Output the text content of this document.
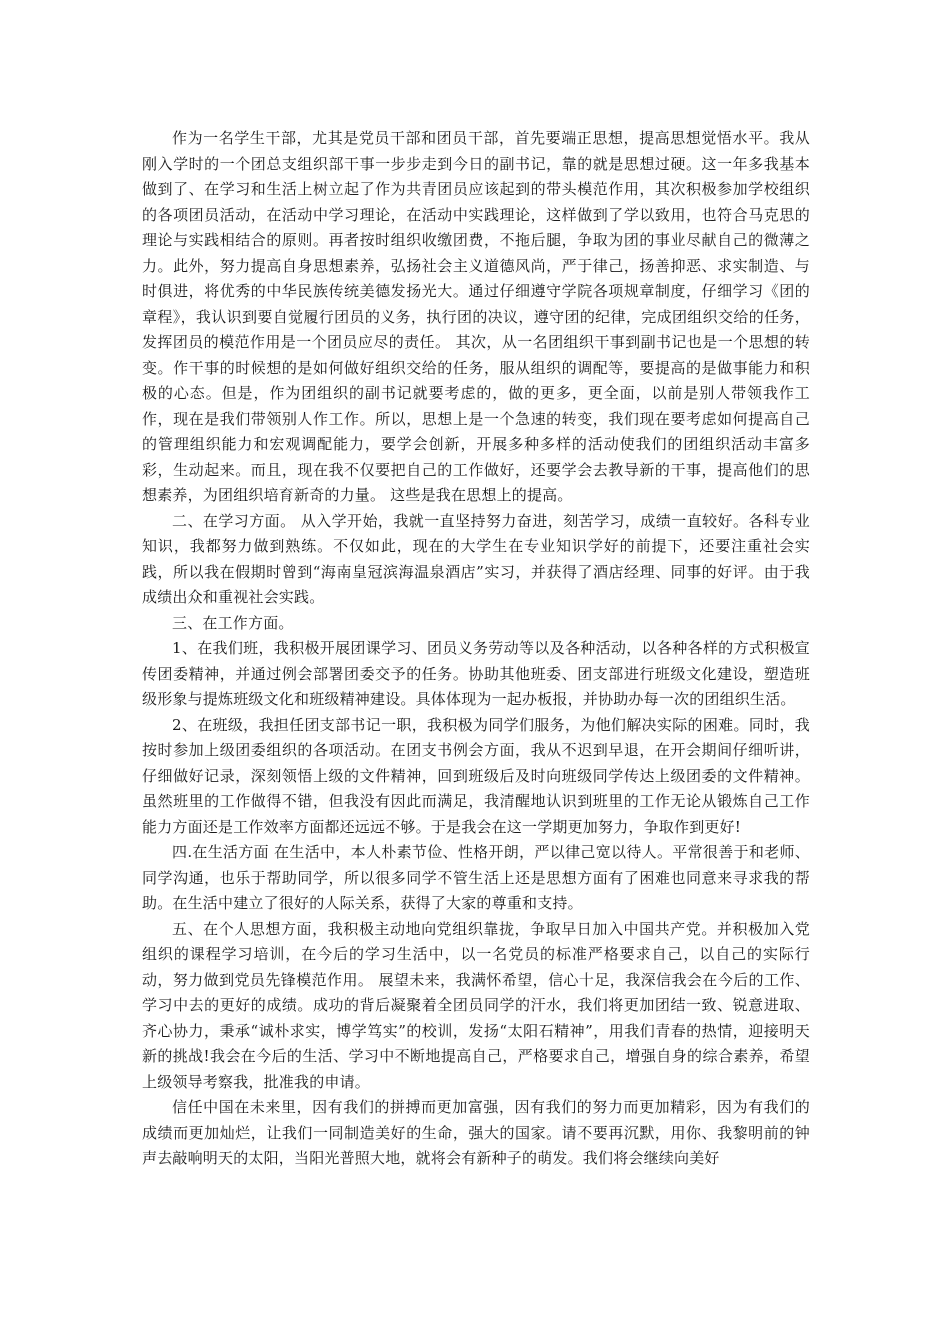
作为一名学生干部，尤其是党员干部和团员干部，首先要端正思想，提高思想觉悟水平。我从刚入学时的一个团总支组织部干事一步步走到今日的副书记，靠的就是思想过硬。这一年多我基本做到了、在学习和生活上树立起了作为共青团员应该起到的带头模范作用，其次积极参加学校组织的各项团员活动，在活动中学习理论，在活动中实践理论，这样做到了学以致用，也符合马克思的理论与实践相结合的原则。再者按时组织收缴团费，不拖后腿，争取为团的事业尽献自己的微薄之力。此外，努力提高自身思想素养，弘扬社会主义道德风尚，严于律己，扬善抑恶、求实制造、与时俱进，将优秀的中华民族传统美德发扬光大。通过仔细遵守学院各项规章制度，仔细学习《团的章程》，我认识到要自觉履行团员的义务，执行团的决议，遵守团的纪律，完成团组织交给的任务，发挥团员的模范作用是一个团员应尽的责任。 其次，从一名团组织干事到副书记也是一个思想的转变。作干事的时候想的是如何做好组织交给的任务，服从组织的调配等，要提高的是做事能力和积极的心态。但是，作为团组织的副书记就要考虑的，做的更多，更全面，以前是别人带领我作工作，现在是我们带领别人作工作。所以，思想上是一个急速的转变，我们现在要考虑如何提高自己的管理组织能力和宏观调配能力，要学会创新，开展多种多样的活动使我们的团组织活动丰富多彩，生动起来。而且，现在我不仅要把自己的工作做好，还要学会去教导新的干事，提高他们的思想素养，为团组织培育新奇的力量。 这些是我在思想上的提高。

二、在学习方面。 从入学开始，我就一直坚持努力奋进，刻苦学习，成绩一直较好。各科专业知识，我都努力做到熟练。不仅如此，现在的大学生在专业知识学好的前提下，还要注重社会实践，所以我在假期时曾到“海南皇冠滨海温泉酒店”实习，并获得了酒店经理、同事的好评。由于我成绩出众和重视社会实践。

三、在工作方面。

1、在我们班，我积极开展团课学习、团员义务劳动等以及各种活动，以各种各样的方式积极宣传团委精神，并通过例会部署团委交予的任务。协助其他班委、团支部进行班级文化建设，塑造班级形象与提炼班级文化和班级精神建设。具体体现为一起办板报，并协助办每一次的团组织生活。

2、在班级，我担任团支部书记一职，我积极为同学们服务，为他们解决实际的困难。同时，我按时参加上级团委组织的各项活动。在团支书例会方面，我从不迟到早退，在开会期间仔细听讲，仔细做好记录，深刻领悟上级的文件精神，回到班级后及时向班级同学传达上级团委的文件精神。虽然班里的工作做得不错，但我没有因此而满足，我清醒地认识到班里的工作无论从锻炼自己工作能力方面还是工作效率方面都还远远不够。于是我会在这一学期更加努力，争取作到更好!

四.在生活方面 在生活中，本人朴素节俭、性格开朗，严以律己宽以待人。平常很善于和老师、同学沟通，也乐于帮助同学，所以很多同学不管生活上还是思想方面有了困难也同意来寻求我的帮助。在生活中建立了很好的人际关系，获得了大家的尊重和支持。

五、在个人思想方面，我积极主动地向党组织靠拢，争取早日加入中国共产党。并积极加入党组织的课程学习培训，在今后的学习生活中，以一名党员的标准严格要求自己，以自己的实际行动，努力做到党员先锋模范作用。 展望未来，我满怀希望，信心十足，我深信我会在今后的工作、学习中去的更好的成绩。成功的背后凝聚着全团员同学的汗水，我们将更加团结一致、锐意进取、齐心协力，秉承“诚朴求实，博学笃实”的校训，发扬“太阳石精神”，用我们青春的热情，迎接明天新的挑战!我会在今后的生活、学习中不断地提高自己，严格要求自己，增强自身的综合素养，希望上级领导考察我，批准我的申请。

信任中国在未来里，因有我们的拼搏而更加富强，因有我们的努力而更加精彩，因为有我们的成绩而更加灿烂，让我们一同制造美好的生命，强大的国家。请不要再沉默，用你、我黎明前的钟声去敲响明天的太阳，当阳光普照大地，就将会有新种子的萌发。我们将会继续向美好
